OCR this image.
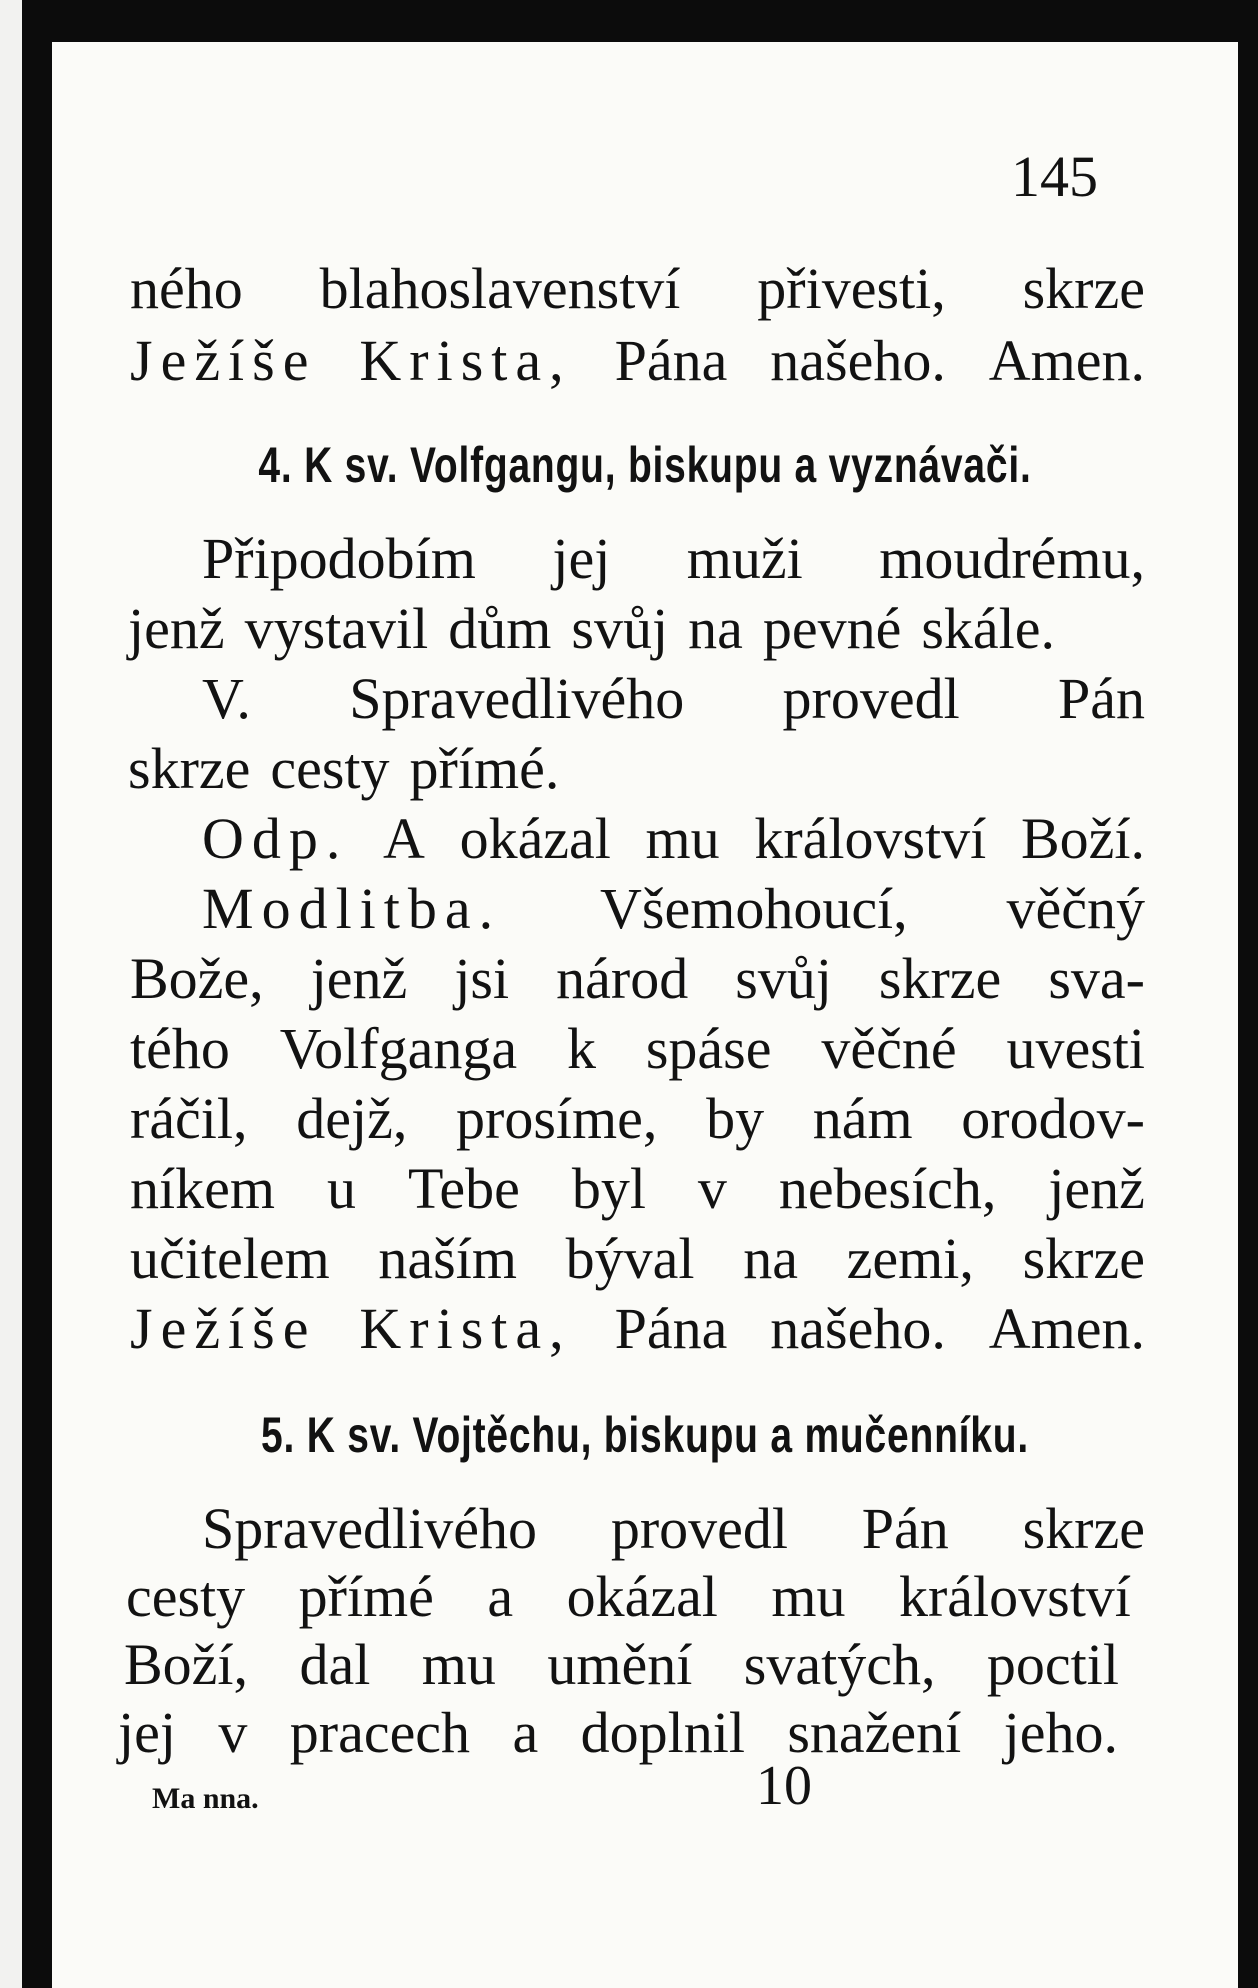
145
ného blahoslavenství přivesti, skrze
Ježíše Krista, Pána našeho. Amen.
4. K sv. Volfgangu, biskupu a vyznávači.
Připodobím jej muži moudrému,
jenž vystavil dům svůj na pevné skále.
V. Spravedlivého provedl Pán
skrze cesty přímé.
Odp. A okázal mu království Boží.
Modlitba. Všemohoucí, věčný
Bože, jenž jsi národ svůj skrze sva-
tého Volfganga k spáse věčné uvesti
ráčil, dejž, prosíme, by nám orodov-
níkem u Tebe byl v nebesích, jenž
učitelem naším býval na zemi, skrze
Ježíše Krista, Pána našeho. Amen.
5. K sv. Vojtěchu, biskupu a mučenníku.
Spravedlivého provedl Pán skrze
cesty přímé a okázal mu království
Boží, dal mu umění svatých, poctil
jej v pracech a doplnil snažení jeho.
Ma nna.	10
